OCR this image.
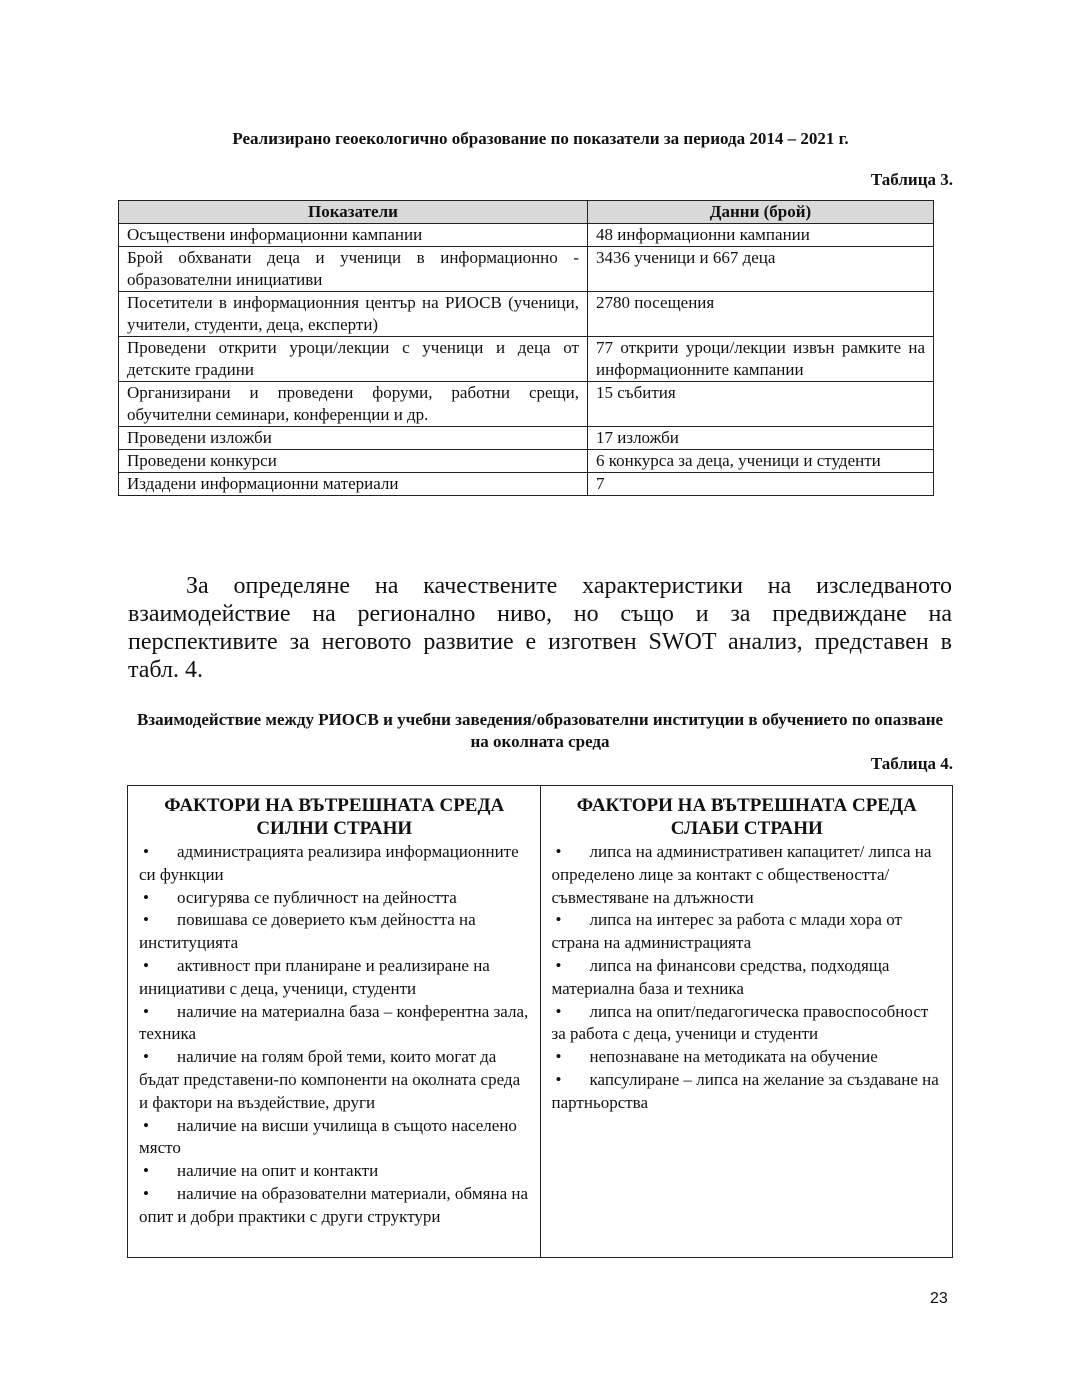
Реализирано геоекологично образование по показатели за периода 2014 – 2021 г.
Таблица 3.
Показатели	Данни (брой)
Осъществени информационни кампании	48 информационни кампании
Брой обхванати деца и ученици в информационно - образователни инициативи	3436 ученици и 667 деца
Посетители в информационния център на РИОСВ (ученици, учители, студенти, деца, експерти)	2780 посещения
Проведени открити уроци/лекции с ученици и деца от детските градини	77 открити уроци/лекции извън рамките на информационните кампании
Организирани и проведени форуми, работни срещи, обучителни семинари, конференции и др.	15 събития
Проведени изложби	17 изложби
Проведени конкурси	6 конкурса за деца, ученици и студенти
Издадени информационни материали	7
За определяне на качествените характеристики на изследваното взаимодействие на регионално ниво, но също и за предвиждане на перспективите за неговото развитие е изготвен SWOT анализ, представен в табл. 4.
Взаимодействие между РИОСВ и учебни заведения/образователни институции в обучението по опазване на околната среда
Таблица 4.
ФАКТОРИ НА ВЪТРЕШНАТА СРЕДА
СИЛНИ СТРАНИ
• администрацията реализира информационните си функции
• осигурява се публичност на дейността
• повишава се доверието към дейността на институцията
• активност при планиране и реализиране на инициативи с деца, ученици, студенти
• наличие на материална база – конферентна зала, техника
• наличие на голям брой теми, които могат да бъдат представени-по компоненти на околната среда и фактори на въздействие, други
• наличие на висши училища в същото населено място
• наличие на опит и контакти
• наличие на образователни материали, обмяна на опит и добри практики с други структури

ФАКТОРИ НА ВЪТРЕШНАТА СРЕДА
СЛАБИ СТРАНИ
• липса на административен капацитет/ липса на определено лице за контакт с обществеността/съвместяване на длъжности
• липса на интерес за работа с млади хора от страна на администрацията
• липса на финансови средства, подходяща материална база и техника
• липса на опит/педагогическа правоспособност за работа с деца, ученици и студенти
• непознаване на методиката на обучение
• капсулиране – липса на желание за създаване на партньорства
23
